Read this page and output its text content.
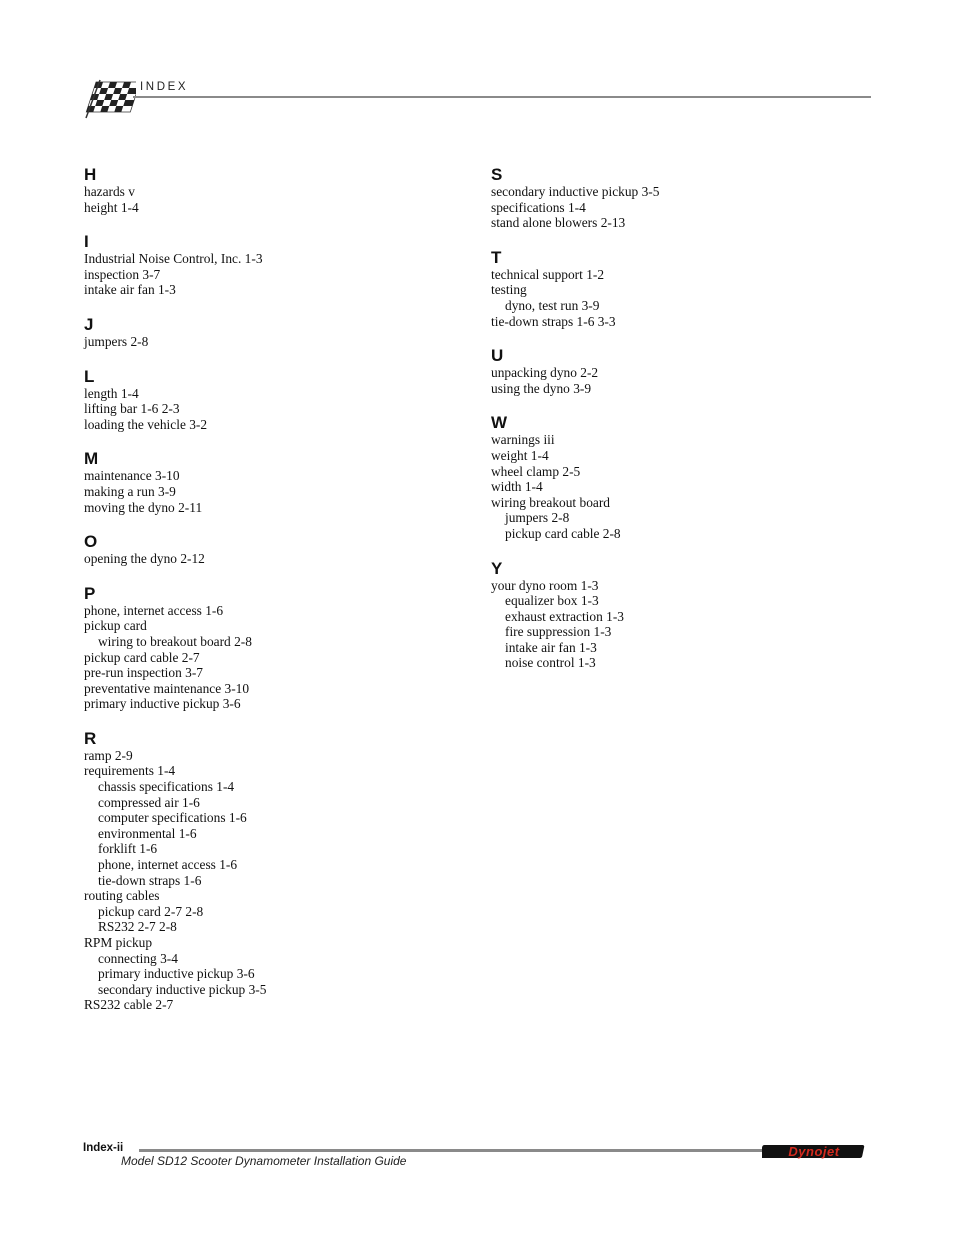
INDEX
H
hazards v
height 1-4
I
Industrial Noise Control, Inc. 1-3
inspection 3-7
intake air fan 1-3
J
jumpers 2-8
L
length 1-4
lifting bar 1-6 2-3
loading the vehicle 3-2
M
maintenance 3-10
making a run 3-9
moving the dyno 2-11
O
opening the dyno 2-12
P
phone, internet access 1-6
pickup card
wiring to breakout board 2-8
pickup card cable 2-7
pre-run inspection 3-7
preventative maintenance 3-10
primary inductive pickup 3-6
R
ramp 2-9
requirements 1-4
chassis specifications 1-4
compressed air 1-6
computer specifications 1-6
environmental 1-6
forklift 1-6
phone, internet access 1-6
tie-down straps 1-6
routing cables
pickup card 2-7 2-8
RS232 2-7 2-8
RPM pickup
connecting 3-4
primary inductive pickup 3-6
secondary inductive pickup 3-5
RS232 cable 2-7
S
secondary inductive pickup 3-5
specifications 1-4
stand alone blowers 2-13
T
technical support 1-2
testing
dyno, test run 3-9
tie-down straps 1-6 3-3
U
unpacking dyno 2-2
using the dyno 3-9
W
warnings iii
weight 1-4
wheel clamp 2-5
width 1-4
wiring breakout board
jumpers 2-8
pickup card cable 2-8
Y
your dyno room 1-3
equalizer box 1-3
exhaust extraction 1-3
fire suppression 1-3
intake air fan 1-3
noise control 1-3
Index-ii
Model SD12 Scooter Dynamometer Installation Guide
Dynojet
